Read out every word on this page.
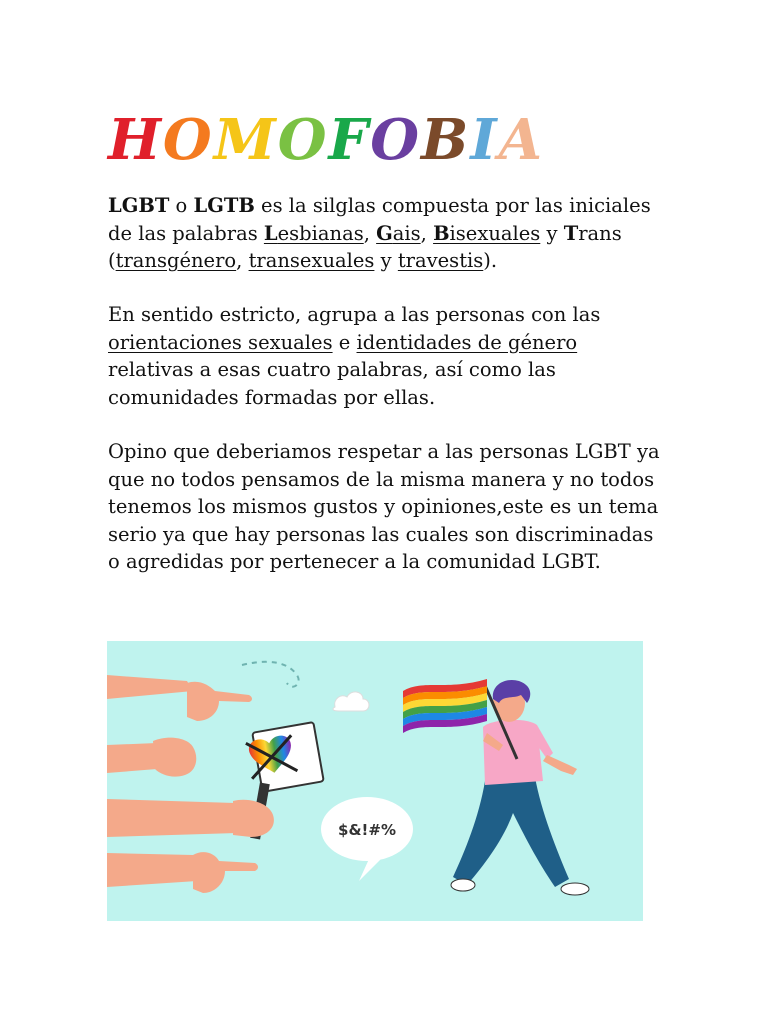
HOMOFOBIA

LGBT o LGTB es la silglas compuesta por las iniciales de las palabras Lesbianas, Gais, Bisexuales y Trans (transgénero, transexuales y travestis).

En sentido estricto, agrupa a las personas con las orientaciones sexuales e identidades de género relativas a esas cuatro palabras, así como las comunidades formadas por ellas.

Opino que deberiamos respetar a las personas LGBT ya que no todos pensamos de la misma manera y no todos tenemos los mismos gustos y opiniones,este es un tema serio ya que hay personas las cuales son discriminadas o agredidas por pertenecer a la comunidad LGBT.

$&!#%
